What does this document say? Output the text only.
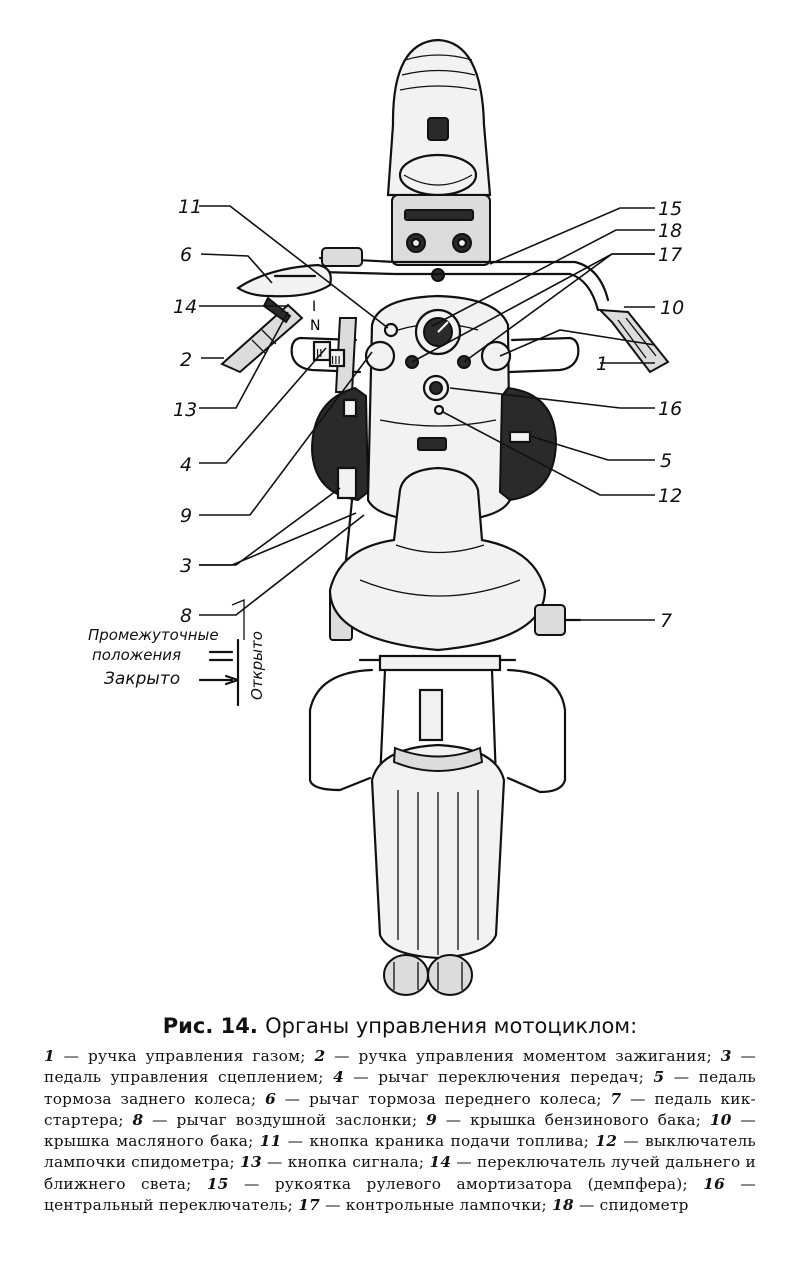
I
N
II
III
11
6
14
2
13
4
9
3
8
15
18
17
10
1
16
5
12
7
Промежуточные
положения
Закрыто	Открыто

Рис. 14. Органы управления мотоциклом:

1 — ручка управления газом; 2 — ручка управления моментом зажигания; 3 — педаль управления сцеплением; 4 — рычаг переключения передач; 5 — педаль тормоза заднего колеса; 6 — рычаг тормоза переднего колеса; 7 — педаль кик-стартера; 8 — рычаг воздушной заслонки; 9 — крышка бензинового бака; 10 — крышка масляного бака; 11 — кнопка краника подачи топлива; 12 — выключатель лампочки спидометра; 13 — кнопка сигнала; 14 — переключатель лучей дальнего и ближнего света; 15 — рукоятка рулевого амортизатора (демпфера); 16 — центральный переключатель; 17 — контрольные лампочки; 18 — спидометр
